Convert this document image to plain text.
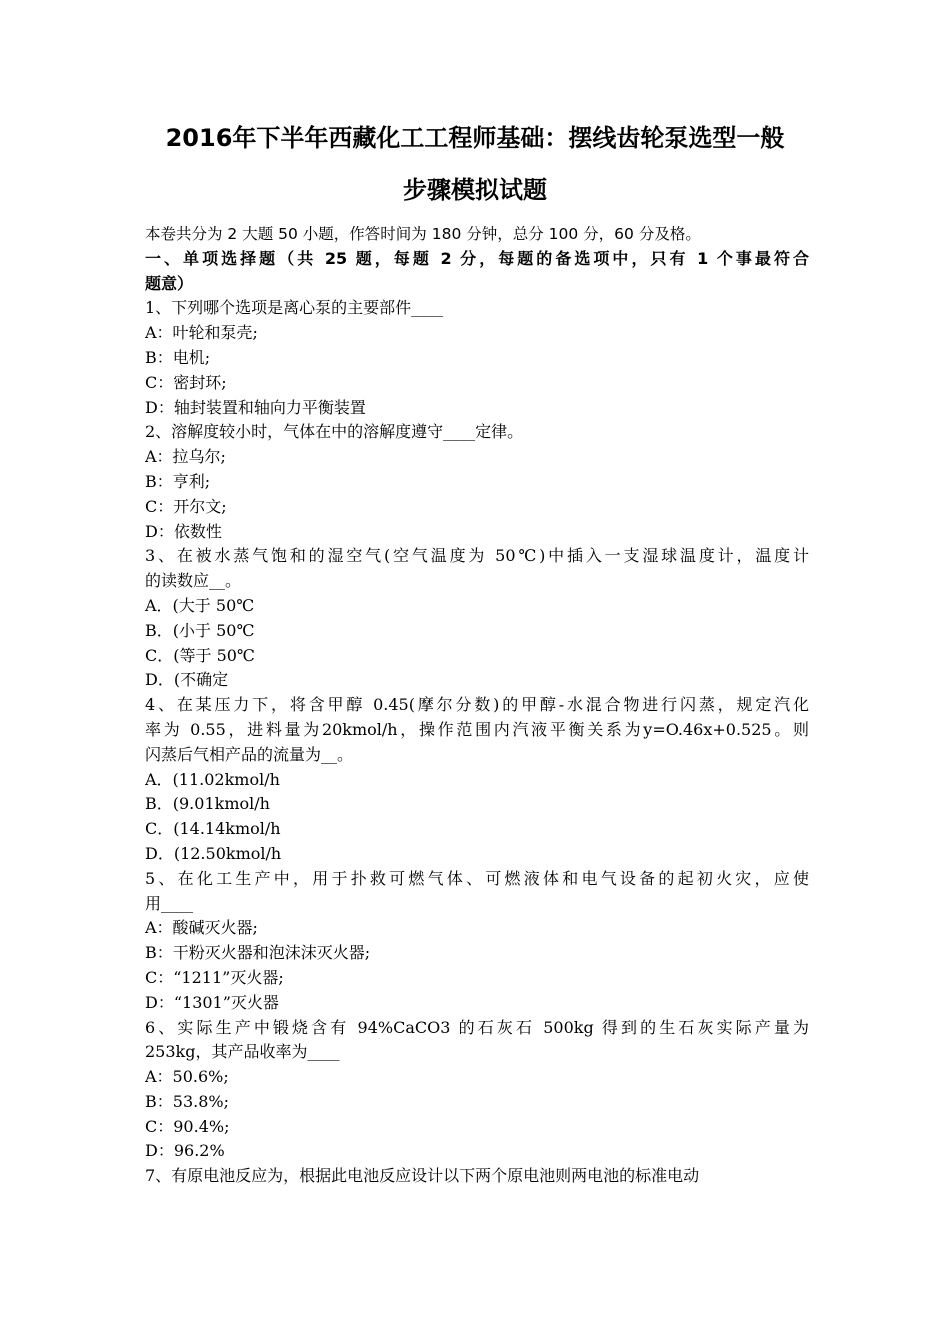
2016年下半年西藏化工工程师基础：摆线齿轮泵选型一般
步骤模拟试题
本卷共分为 2 大题 50 小题，作答时间为 180 分钟，总分 100 分，60 分及格。
一、单项选择题（共 25 题，每题 2 分，每题的备选项中，只有 1 个事最符合
题意）
1、下列哪个选项是离心泵的主要部件____
A：叶轮和泵壳;
B：电机;
C：密封环;
D：轴封装置和轴向力平衡装置
2、溶解度较小时，气体在中的溶解度遵守____定律。
A：拉乌尔;
B：亨利;
C：开尔文;
D：依数性
3、在被水蒸气饱和的湿空气(空气温度为 50℃)中插入一支湿球温度计，温度计
的读数应__。
A．(大于 50℃
B．(小于 50℃
C．(等于 50℃
D．(不确定
4、在某压力下，将含甲醇 0.45(摩尔分数)的甲醇-水混合物进行闪蒸，规定汽化
率为 0.55，进料量为20kmol/h，操作范围内汽液平衡关系为y=O.46x+0.525。则
闪蒸后气相产品的流量为__。
A．(11.02kmol/h
B．(9.01kmol/h
C．(14.14kmol/h
D．(12.50kmol/h
5、在化工生产中，用于扑救可燃气体、可燃液体和电气设备的起初火灾，应使
用____
A：酸碱灭火器;
B：干粉灭火器和泡沫沫灭火器;
C：“1211”灭火器;
D：“1301”灭火器
6、实际生产中锻烧含有 94%CaCO3 的石灰石 500kg 得到的生石灰实际产量为
253kg，其产品收率为____
A：50.6%;
B：53.8%;
C：90.4%;
D：96.2%
7、有原电池反应为，根据此电池反应设计以下两个原电池则两电池的标准电动
